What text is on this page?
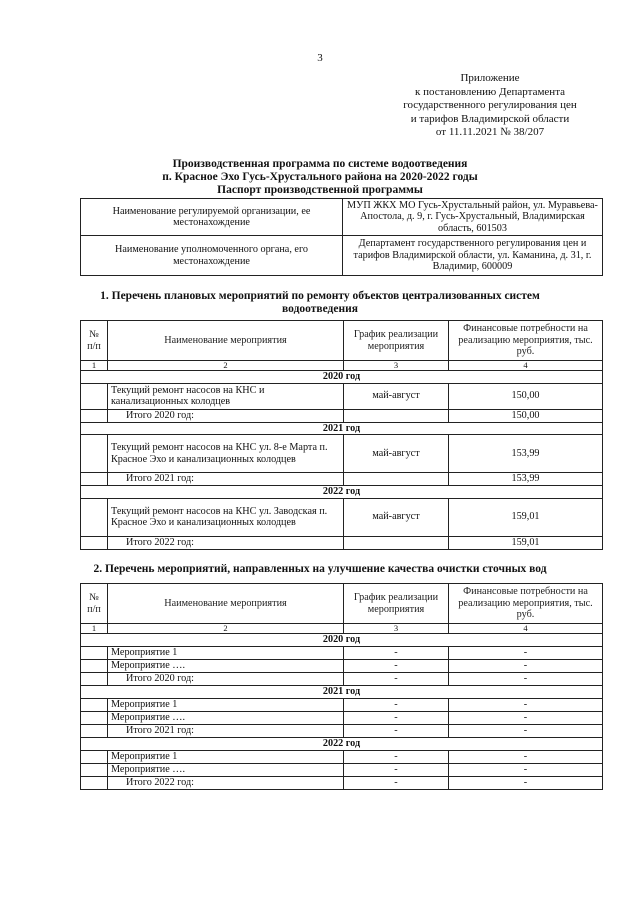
3
Приложение
к постановлению Департамента
государственного регулирования цен
и тарифов Владимирской области
от 11.11.2021 № 38/207
Производственная программа по системе водоотведения
п. Красное Эхо Гусь-Хрустального района на 2020-2022 годы
Паспорт производственной программы
Наименование регулируемой организации, ее местонахождение	МУП ЖКХ МО Гусь-Хрустальный район, ул. Муравьева-Апостола, д. 9, г. Гусь-Хрустальный, Владимирская область, 601503
Наименование уполномоченного органа, его местонахождение	Департамент государственного регулирования цен и тарифов Владимирской области, ул. Каманина, д. 31, г. Владимир, 600009
1. Перечень плановых мероприятий по ремонту объектов централизованных систем водоотведения
№ п/п	Наименование мероприятия	График реализации мероприятия	Финансовые потребности на реализацию мероприятия, тыс. руб.
1	2	3	4
2020 год			
	Текущий ремонт насосов на КНС и канализационных колодцев	май-август	150,00
	Итого 2020 год:		150,00
2021 год			
	Текущий ремонт насосов на КНС ул. 8-е Марта п. Красное Эхо и канализационных колодцев	май-август	153,99
	Итого 2021 год:		153,99
2022 год			
	Текущий ремонт насосов на КНС ул. Заводская п. Красное Эхо и канализационных колодцев	май-август	159,01
	Итого 2022 год:		159,01
2. Перечень мероприятий, направленных на улучшение качества очистки сточных вод
№ п/п	Наименование мероприятия	График реализации мероприятия	Финансовые потребности на реализацию мероприятия, тыс. руб.
1	2	3	4
2020 год			
	Мероприятие 1	-	-
	Мероприятие ….	-	-
	Итого 2020 год:	-	-
2021 год			
	Мероприятие 1	-	-
	Мероприятие ….	-	-
	Итого 2021 год:	-	-
2022 год			
	Мероприятие 1	-	-
	Мероприятие ….	-	-
	Итого 2022 год:	-	-
